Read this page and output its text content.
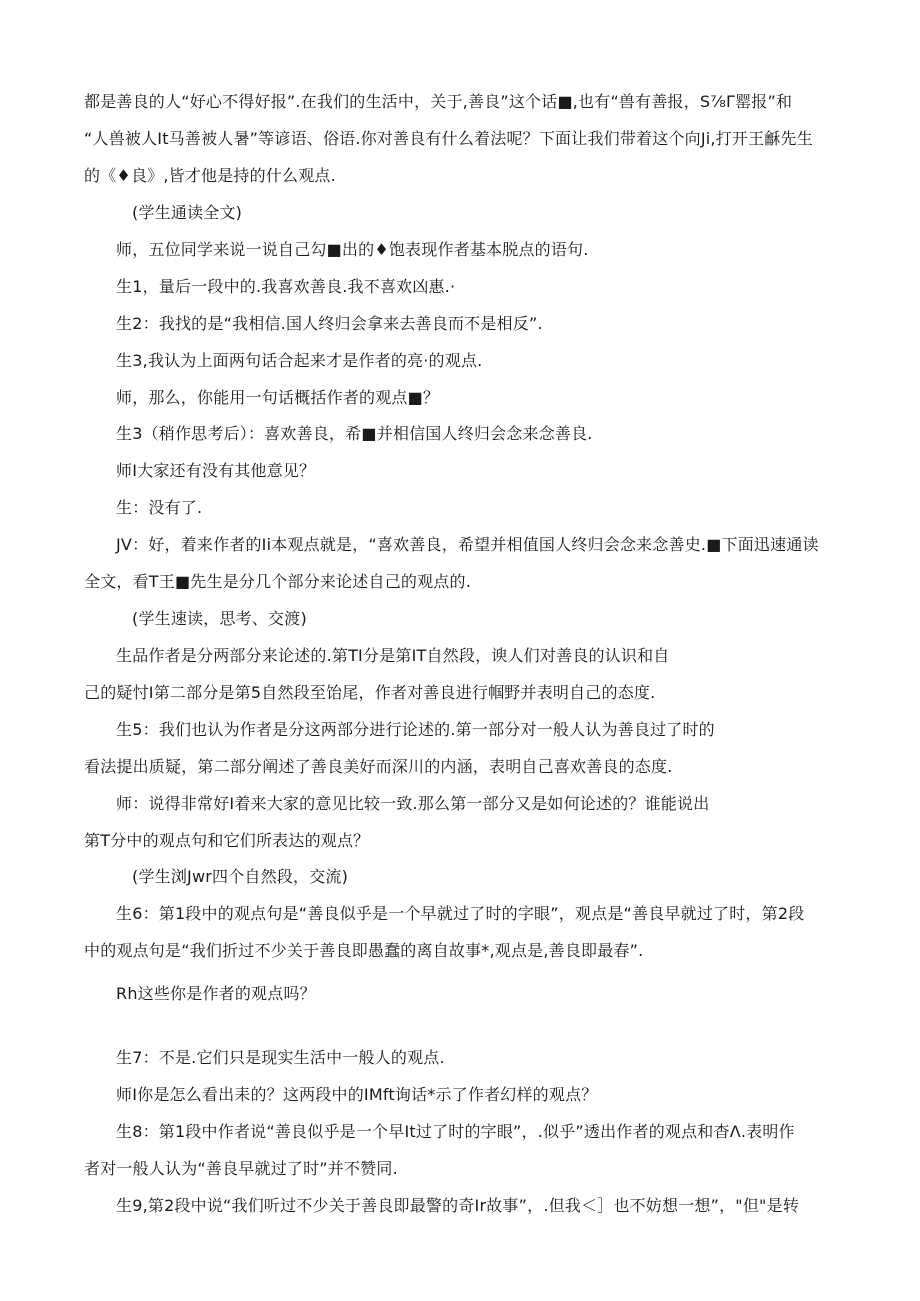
都是善良的人“好心不得好报”.在我们的生活中，关于,善良”这个话■,也有“兽有善报，S⅞Γ罂报”和
“人兽被人It马善被人暑”等谚语、俗语.你对善良有什么着法呢？下面让我们带着这个向Ji,打开王龢先生
的《♦良》,皆才他是持的什么观点.
(学生通读全文)
师，五位同学来说一说自己勾■出的♦饱表现作者基本脱点的语句.
生1，量后一段中的.我喜欢善良.我不喜欢凶惠.·
生2：我找的是“我相信.国人终归会拿来去善良而不是相反”.
生3,我认为上面两句话合起来才是作者的亮·的观点.
师，那么，你能用一句话概括作者的观点■？
生3（稍作思考后）：喜欢善良，希■并相信国人终归会念来念善良.
师I大家还有没有其他意见？
生：没有了.
JV：好，着来作者的Ii本观点就是，“喜欢善良，希望并相值国人终归会念来念善史.■下面迅速通读
全文，看T王■先生是分几个部分来论述自己的观点的.
(学生速读，思考、交渡)
生品作者是分两部分来论述的.第TI分是第IT自然段，谀人们对善良的认识和自
己的疑忖I第二部分是第5自然段至饴尾，作者对善良进行帼野并表明自己的态度.
生5：我们也认为作者是分这两部分进行论述的.第一部分对一般人认为善良过了时的
看法提出质疑，第二部分阐述了善良美好而深川的内涵，表明自己喜欢善良的态度.
师：说得非常好I着来大家的意见比较一致.那么第一部分又是如何论述的？谁能说出
第T分中的观点句和它们所表达的观点？
(学生浏Jwr四个自然段，交流)
生6：第1段中的观点句是“善良似乎是一个早就过了时的字眼”，观点是“善良早就过了时，第2段
中的观点句是“我们折过不少关于善良即愚蠢的离自故事*,观点是,善良即最春”.
Rh这些你是作者的观点吗？
生7：不是.它们只是现实生活中一般人的观点.
师I你是怎么看出耒的？这两段中的IMft询话*示了作者幻样的观点？
生8：第1段中作者说“善良似乎是一个早It过了时的字眼”，.似乎”透出作者的观点和杳Λ.表明作
者对一般人认为“善良早就过了时”并不赞同.
生9,第2段中说“我们听过不少关于善良即最警的奇Ir故事”，.但我＜］也不妨想一想”，"但"是转
